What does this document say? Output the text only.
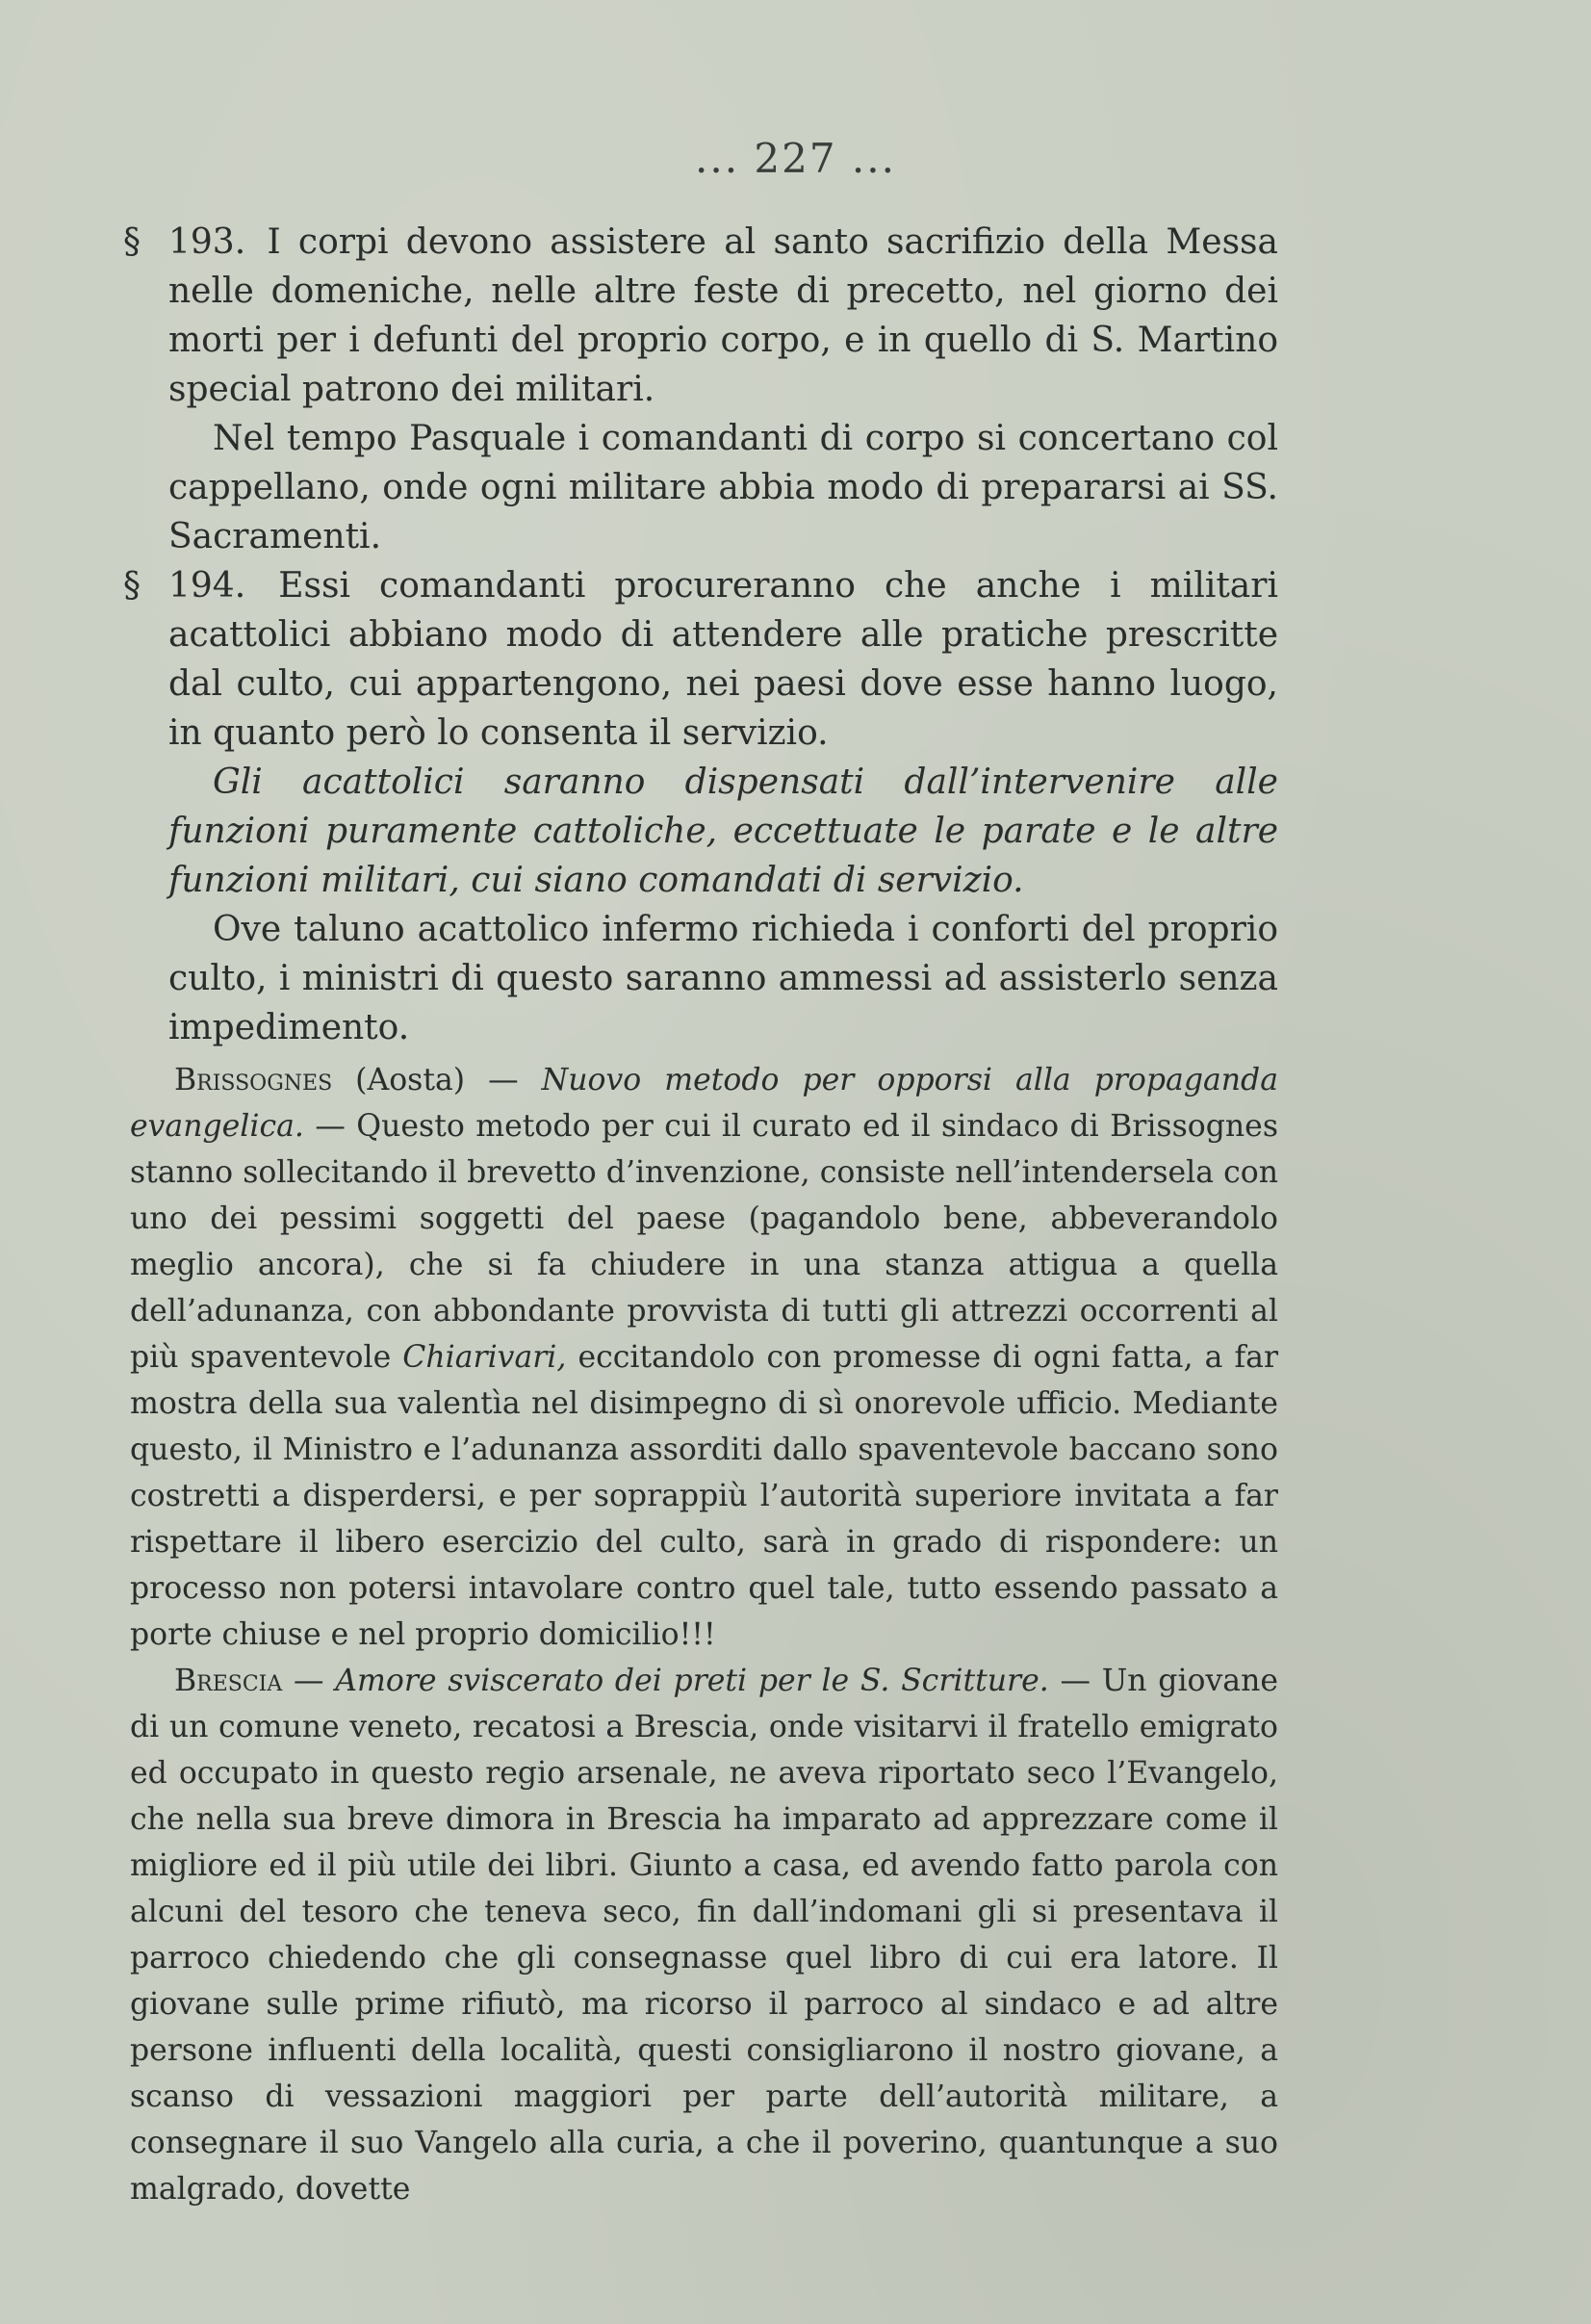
... 227 ...
§ 193. I corpi devono assistere al santo sacrifizio della Messa nelle domeniche, nelle altre feste di precetto, nel giorno dei morti per i defunti del proprio corpo, e in quello di S. Martino special patrono dei militari.

Nel tempo Pasquale i comandanti di corpo si concertano col cappellano, onde ogni militare abbia modo di prepararsi ai SS. Sacramenti.

§ 194. Essi comandanti procureranno che anche i militari acattolici abbiano modo di attendere alle pratiche prescritte dal culto, cui appartengono, nei paesi dove esse hanno luogo, in quanto però lo consenta il servizio.

Gli acattolici saranno dispensati dall’intervenire alle funzioni puramente cattoliche, eccettuate le parate e le altre funzioni militari, cui siano comandati di servizio.

Ove taluno acattolico infermo richieda i conforti del proprio culto, i ministri di questo saranno ammessi ad assisterlo senza impedimento.

Brissognes (Aosta) — Nuovo metodo per opporsi alla propaganda evangelica. — Questo metodo per cui il curato ed il sindaco di Brissognes stanno sollecitando il brevetto d’invenzione, consiste nell’intendersela con uno dei pessimi soggetti del paese (pagandolo bene, abbeverandolo meglio ancora), che si fa chiudere in una stanza attigua a quella dell’adunanza, con abbondante provvista di tutti gli attrezzi occorrenti al più spaventevole Chiarivari, eccitandolo con promesse di ogni fatta, a far mostra della sua valentìa nel disimpegno di sì onorevole ufficio. Mediante questo, il Ministro e l’adunanza assorditi dallo spaventevole baccano sono costretti a disperdersi, e per soprappiù l’autorità superiore invitata a far rispettare il libero esercizio del culto, sarà in grado di rispondere: un processo non potersi intavolare contro quel tale, tutto essendo passato a porte chiuse e nel proprio domicilio!!!

Brescia — Amore sviscerato dei preti per le S. Scritture. — Un giovane di un comune veneto, recatosi a Brescia, onde visitarvi il fratello emigrato ed occupato in questo regio arsenale, ne aveva riportato seco l’Evangelo, che nella sua breve dimora in Brescia ha imparato ad apprezzare come il migliore ed il più utile dei libri. Giunto a casa, ed avendo fatto parola con alcuni del tesoro che teneva seco, fin dall’indomani gli si presentava il parroco chiedendo che gli consegnasse quel libro di cui era latore. Il giovane sulle prime rifiutò, ma ricorso il parroco al sindaco e ad altre persone influenti della località, questi consigliarono il nostro giovane, a scanso di vessazioni maggiori per parte dell’autorità militare, a consegnare il suo Vangelo alla curia, a che il poverino, quantunque a suo malgrado, dovette
